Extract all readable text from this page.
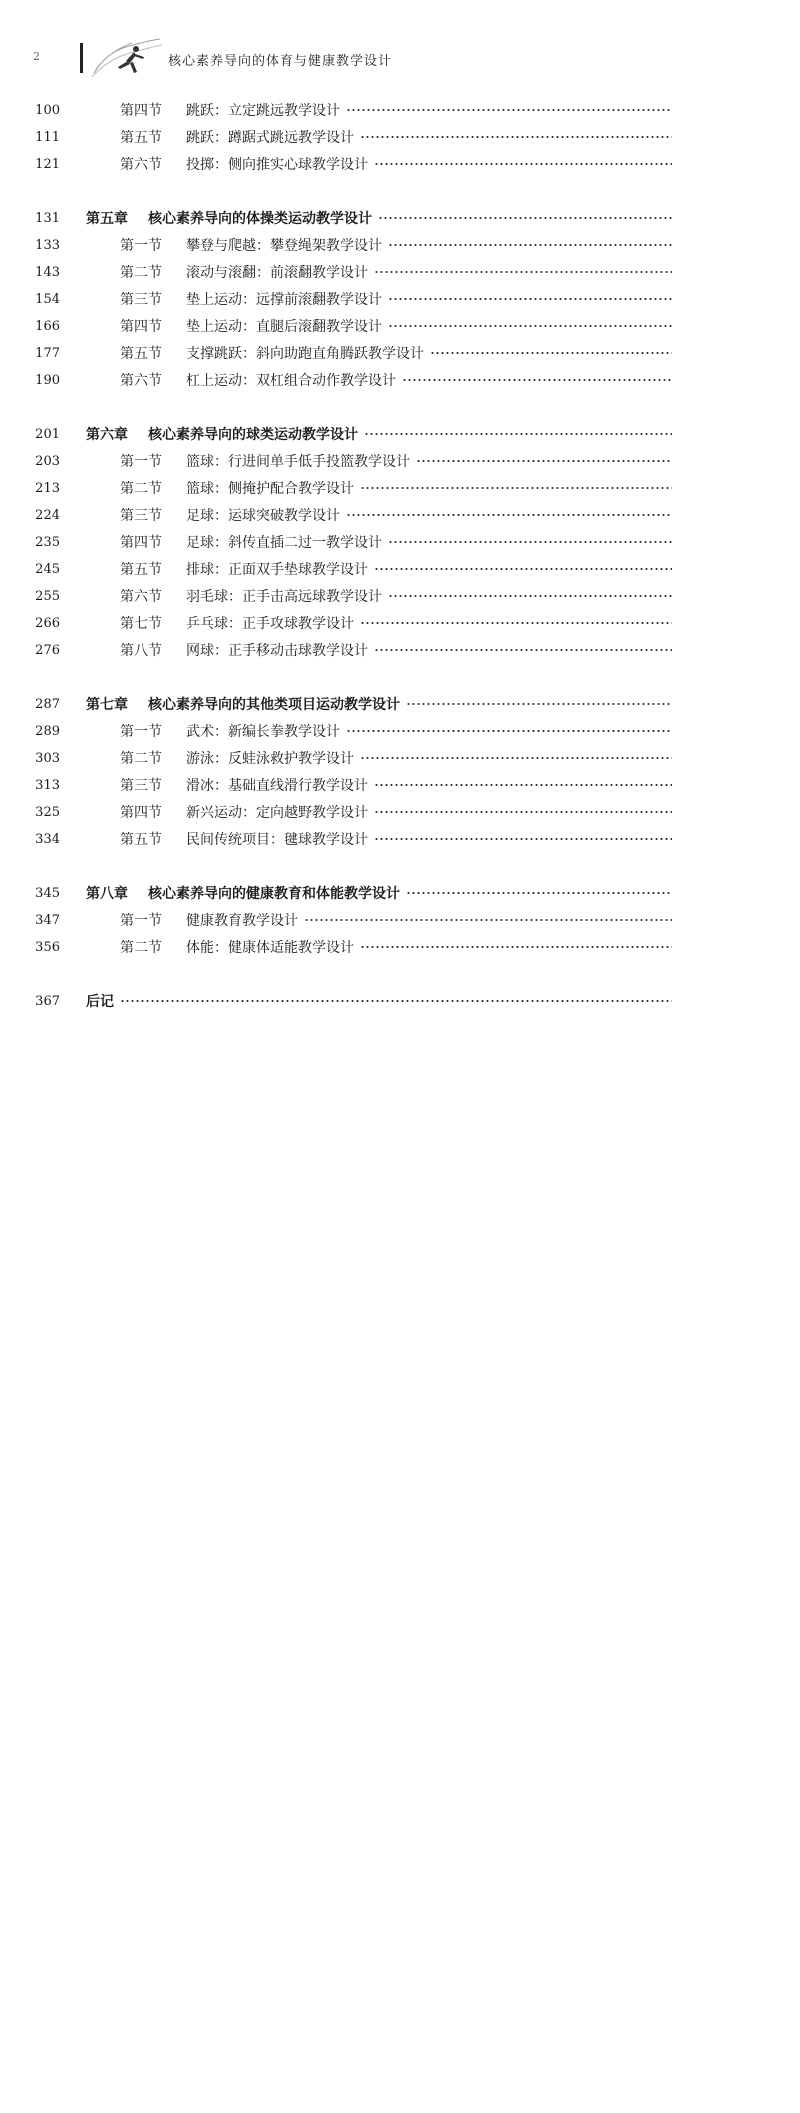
2	核心素养导向的体育与健康教学设计
第四节 跳跃：立定跳远教学设计
100
第五节 跳跃：蹲踞式跳远教学设计
111
第六节 投掷：侧向推实心球教学设计
121
第五章 核心素养导向的体操类运动教学设计
131
第一节 攀登与爬越：攀登绳架教学设计
133
第二节 滚动与滚翻：前滚翻教学设计
143
第三节 垫上运动：远撑前滚翻教学设计
154
第四节 垫上运动：直腿后滚翻教学设计
166
第五节 支撑跳跃：斜向助跑直角腾跃教学设计
177
第六节 杠上运动：双杠组合动作教学设计
190
第六章 核心素养导向的球类运动教学设计
201
第一节 篮球：行进间单手低手投篮教学设计
203
第二节 篮球：侧掩护配合教学设计
213
第三节 足球：运球突破教学设计
224
第四节 足球：斜传直插二过一教学设计
235
第五节 排球：正面双手垫球教学设计
245
第六节 羽毛球：正手击高远球教学设计
255
第七节 乒乓球：正手攻球教学设计
266
第八节 网球：正手移动击球教学设计
276
第七章 核心素养导向的其他类项目运动教学设计
287
第一节 武术：新编长拳教学设计
289
第二节 游泳：反蛙泳救护教学设计
303
第三节 滑冰：基础直线滑行教学设计
313
第四节 新兴运动：定向越野教学设计
325
第五节 民间传统项目：毽球教学设计
334
第八章 核心素养导向的健康教育和体能教学设计
345
第一节 健康教育教学设计
347
第二节 体能：健康体适能教学设计
356
后记
367
